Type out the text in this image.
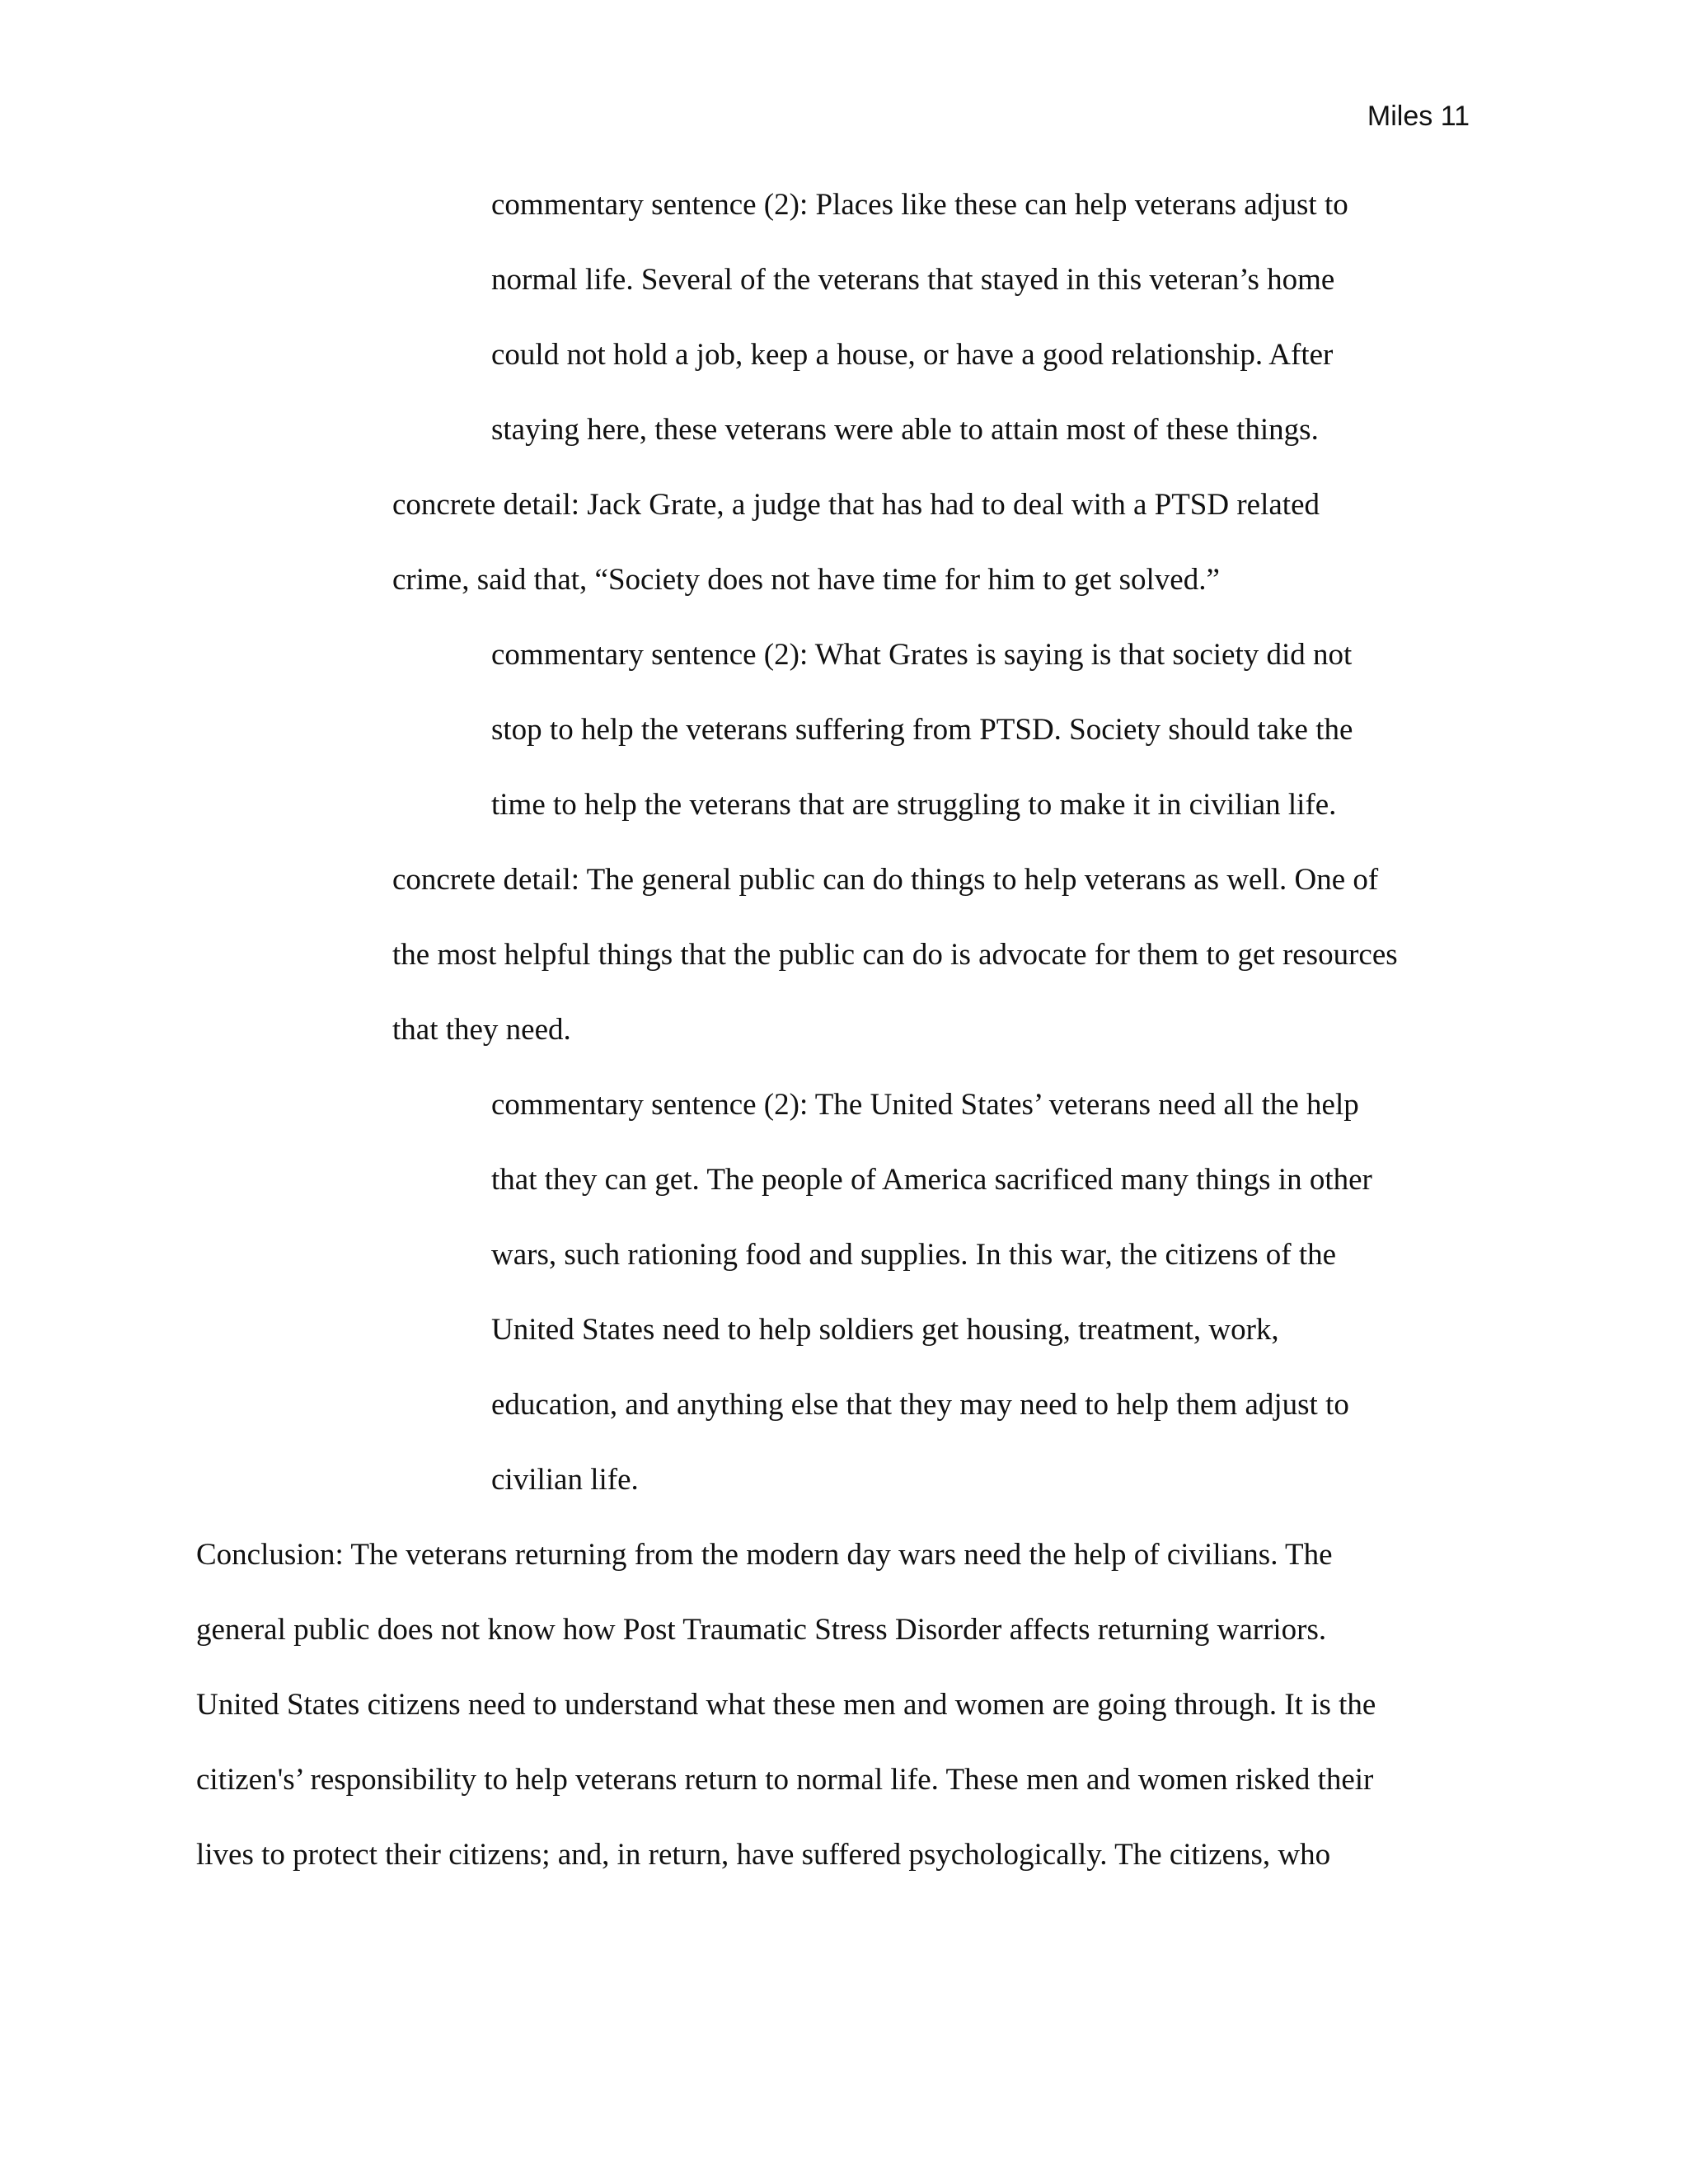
Miles 11
commentary sentence (2): Places like these can help veterans adjust to
normal life. Several of the veterans that stayed in this veteran’s home
could not hold a job, keep a house, or have a good relationship. After
staying here, these veterans were able to attain most of these things.
concrete detail: Jack Grate, a judge that has had to deal with a PTSD related
crime, said that, “Society does not have time for him to get solved.”
commentary sentence (2): What Grates is saying is that society did not
stop to help the veterans suffering from PTSD. Society should take the
time to help the veterans that are struggling to make it in civilian life.
concrete detail: The general public can do things to help veterans as well. One of
the most helpful things that the public can do is advocate for them to get resources
that they need.
commentary sentence (2): The United States’ veterans need all the help
that they can get. The people of America sacrificed many things in other
wars, such rationing food and supplies. In this war, the citizens of the
United States need to help soldiers get housing, treatment, work,
education, and anything else that they may need to help them adjust to
civilian life.
Conclusion: The veterans returning from the modern day wars need the help of civilians. The
general public does not know how Post Traumatic Stress Disorder affects returning warriors.
United States citizens need to understand what these men and women are going through. It is the
citizen's’ responsibility to help veterans return to normal life. These men and women risked their
lives to protect their citizens; and, in return, have suffered psychologically. The citizens, who
